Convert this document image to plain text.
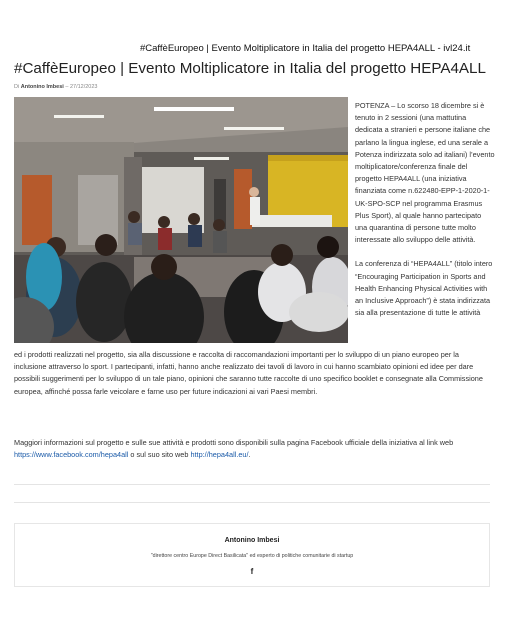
#CaffèEuropeo | Evento Moltiplicatore in Italia del progetto HEPA4ALL - ivl24.it
#CaffèEuropeo | Evento Moltiplicatore in Italia del progetto HEPA4ALL
Di Antonino Imbesi – 27/12/2023

POTENZA – Lo scorso 18 dicembre si è tenuto in 2 sessioni (una mattutina dedicata a stranieri e persone italiane che parlano la lingua inglese, ed una serale a Potenza indirizzata solo ad italiani) l’evento moltiplicatore/conferenza finale del progetto HEPA4ALL (una iniziativa finanziata come n.622480-EPP-1-2020-1-UK-SPO-SCP nel programma Erasmus Plus Sport), al quale hanno partecipato una quarantina di persone tutte molto interessate allo sviluppo delle attività.

La conferenza di “HEPA4ALL” (titolo intero “Encouraging Participation in Sports and Health Enhancing Physical Activities with an Inclusive Approach”) è stata indirizzata sia alla presentazione di tutte le attività

ed i prodotti realizzati nel progetto, sia alla discussione e raccolta di raccomandazioni importanti per lo sviluppo di un piano europeo per la inclusione attraverso lo sport. I partecipanti, infatti, hanno anche realizzato dei tavoli di lavoro in cui hanno scambiato opinioni ed idee per dare possibili suggerimenti per lo sviluppo di un tale piano, opinioni che saranno tutte raccolte di uno specifico booklet e consegnate alla Commissione europea, affinché possa farle veicolare e farne uso per future indicazioni ai vari Paesi membri.

Maggiori informazioni sul progetto e sulle sue attività e prodotti sono disponibili sulla pagina Facebook ufficiale della iniziativa al link web https://www.facebook.com/hepa4all o sul suo sito web http://hepa4all.eu/.

Antonino Imbesi
"direttore centro Europe Direct Basilicata" ed esperto di politiche comunitarie di startup
f
